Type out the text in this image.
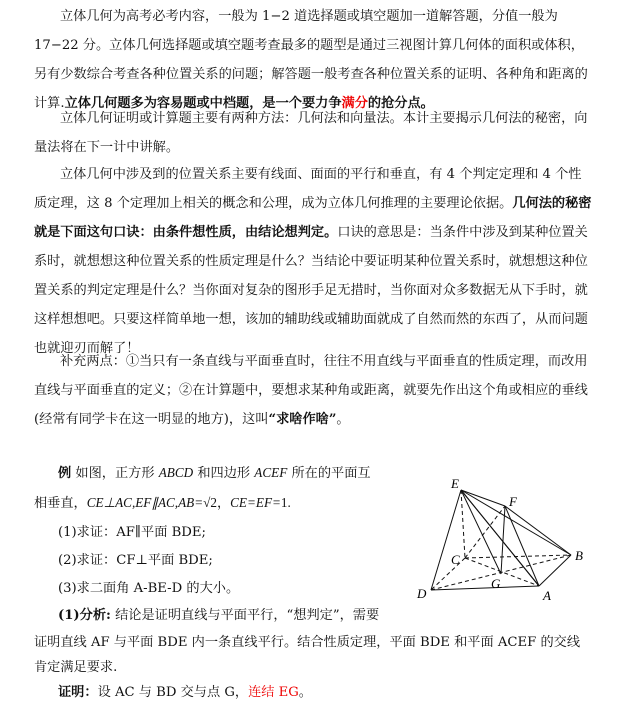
立体几何为高考必考内容，一般为 1−2 道选择题或填空题加一道解答题，分值一般为 17−22 分。立体几何选择题或填空题考查最多的题型是通过三视图计算几何体的面积或体积，另有少数综合考查各种位置关系的问题；解答题一般考查各种位置关系的证明、各种角和距离的计算.立体几何题多为容易题或中档题，是一个要力争满分的抢分点。

立体几何证明或计算题主要有两种方法：几何法和向量法。本计主要揭示几何法的秘密，向量法将在下一计中讲解。

立体几何中涉及到的位置关系主要有线面、面面的平行和垂直，有 4 个判定定理和 4 个性质定理，这 8 个定理加上相关的概念和公理，成为立体几何推理的主要理论依据。几何法的秘密就是下面这句口诀：由条件想性质，由结论想判定。口诀的意思是：当条件中涉及到某种位置关系时，就想想这种位置关系的性质定理是什么？当结论中要证明某种位置关系时，就想想这种位置关系的判定定理是什么？当你面对复杂的图形手足无措时，当你面对众多数据无从下手时，就这样想想吧。只要这样简单地一想，该加的辅助线或辅助面就成了自然而然的东西了，从而问题也就迎刃而解了！

补充两点：①当只有一条直线与平面垂直时，往往不用直线与平面垂直的性质定理，而改用直线与平面垂直的定义；②在计算题中，要想求某种角或距离，就要先作出这个角或相应的垂线(经常有同学卡在这一明显的地方)，这叫“求啥作啥”。

例 如图，正方形 ABCD 和四边形 ACEF 所在的平面互

相垂直，CE⊥AC,EF∥AC,AB=√2，CE=EF=1.

(1)求证：AF∥平面 BDE;

(2)求证：CF⊥平面 BDE;

(3)求二面角 A-BE-D 的大小。

(1)分析: 结论是证明直线与平面平行，“想判定”，需要

证明直线 AF 与平面 BDE 内一条直线平行。结合性质定理，平面 BDE 和平面 ACEF 的交线

肯定满足要求.

证明：设 AC 与 BD 交与点 G，连结 EG。

E
F
C	B
D
G
A
